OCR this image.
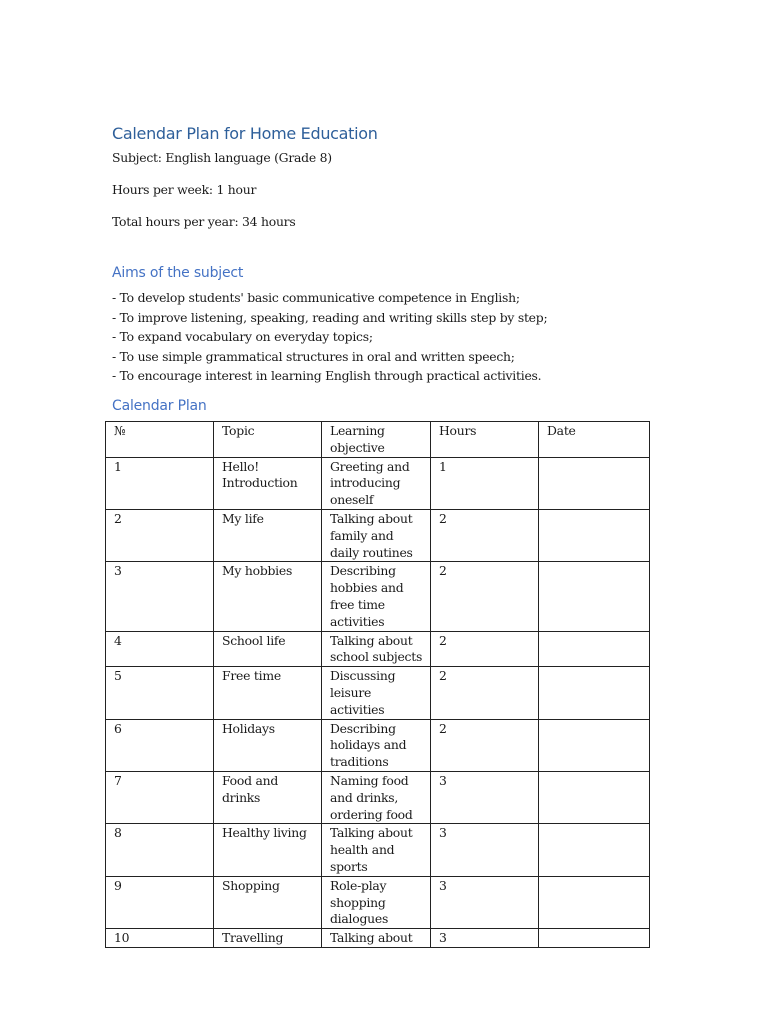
Calendar Plan for Home Education
Subject: English language (Grade 8)
Hours per week: 1 hour
Total hours per year: 34 hours
Aims of the subject
- To develop students' basic communicative competence in English;
- To improve listening, speaking, reading and writing skills step by step;
- To expand vocabulary on everyday topics;
- To use simple grammatical structures in oral and written speech;
- To encourage interest in learning English through practical activities.
Calendar Plan
№	Topic	Learning objective	Hours	Date
1	Hello! Introduction	Greeting and introducing oneself	1	
2	My life	Talking about family and daily routines	2	
3	My hobbies	Describing hobbies and free time activities	2	
4	School life	Talking about school subjects	2	
5	Free time	Discussing leisure activities	2	
6	Holidays	Describing holidays and traditions	2	
7	Food and drinks	Naming food and drinks, ordering food	3	
8	Healthy living	Talking about health and sports	3	
9	Shopping	Role-play shopping dialogues	3	
10	Travelling	Talking about	3	
